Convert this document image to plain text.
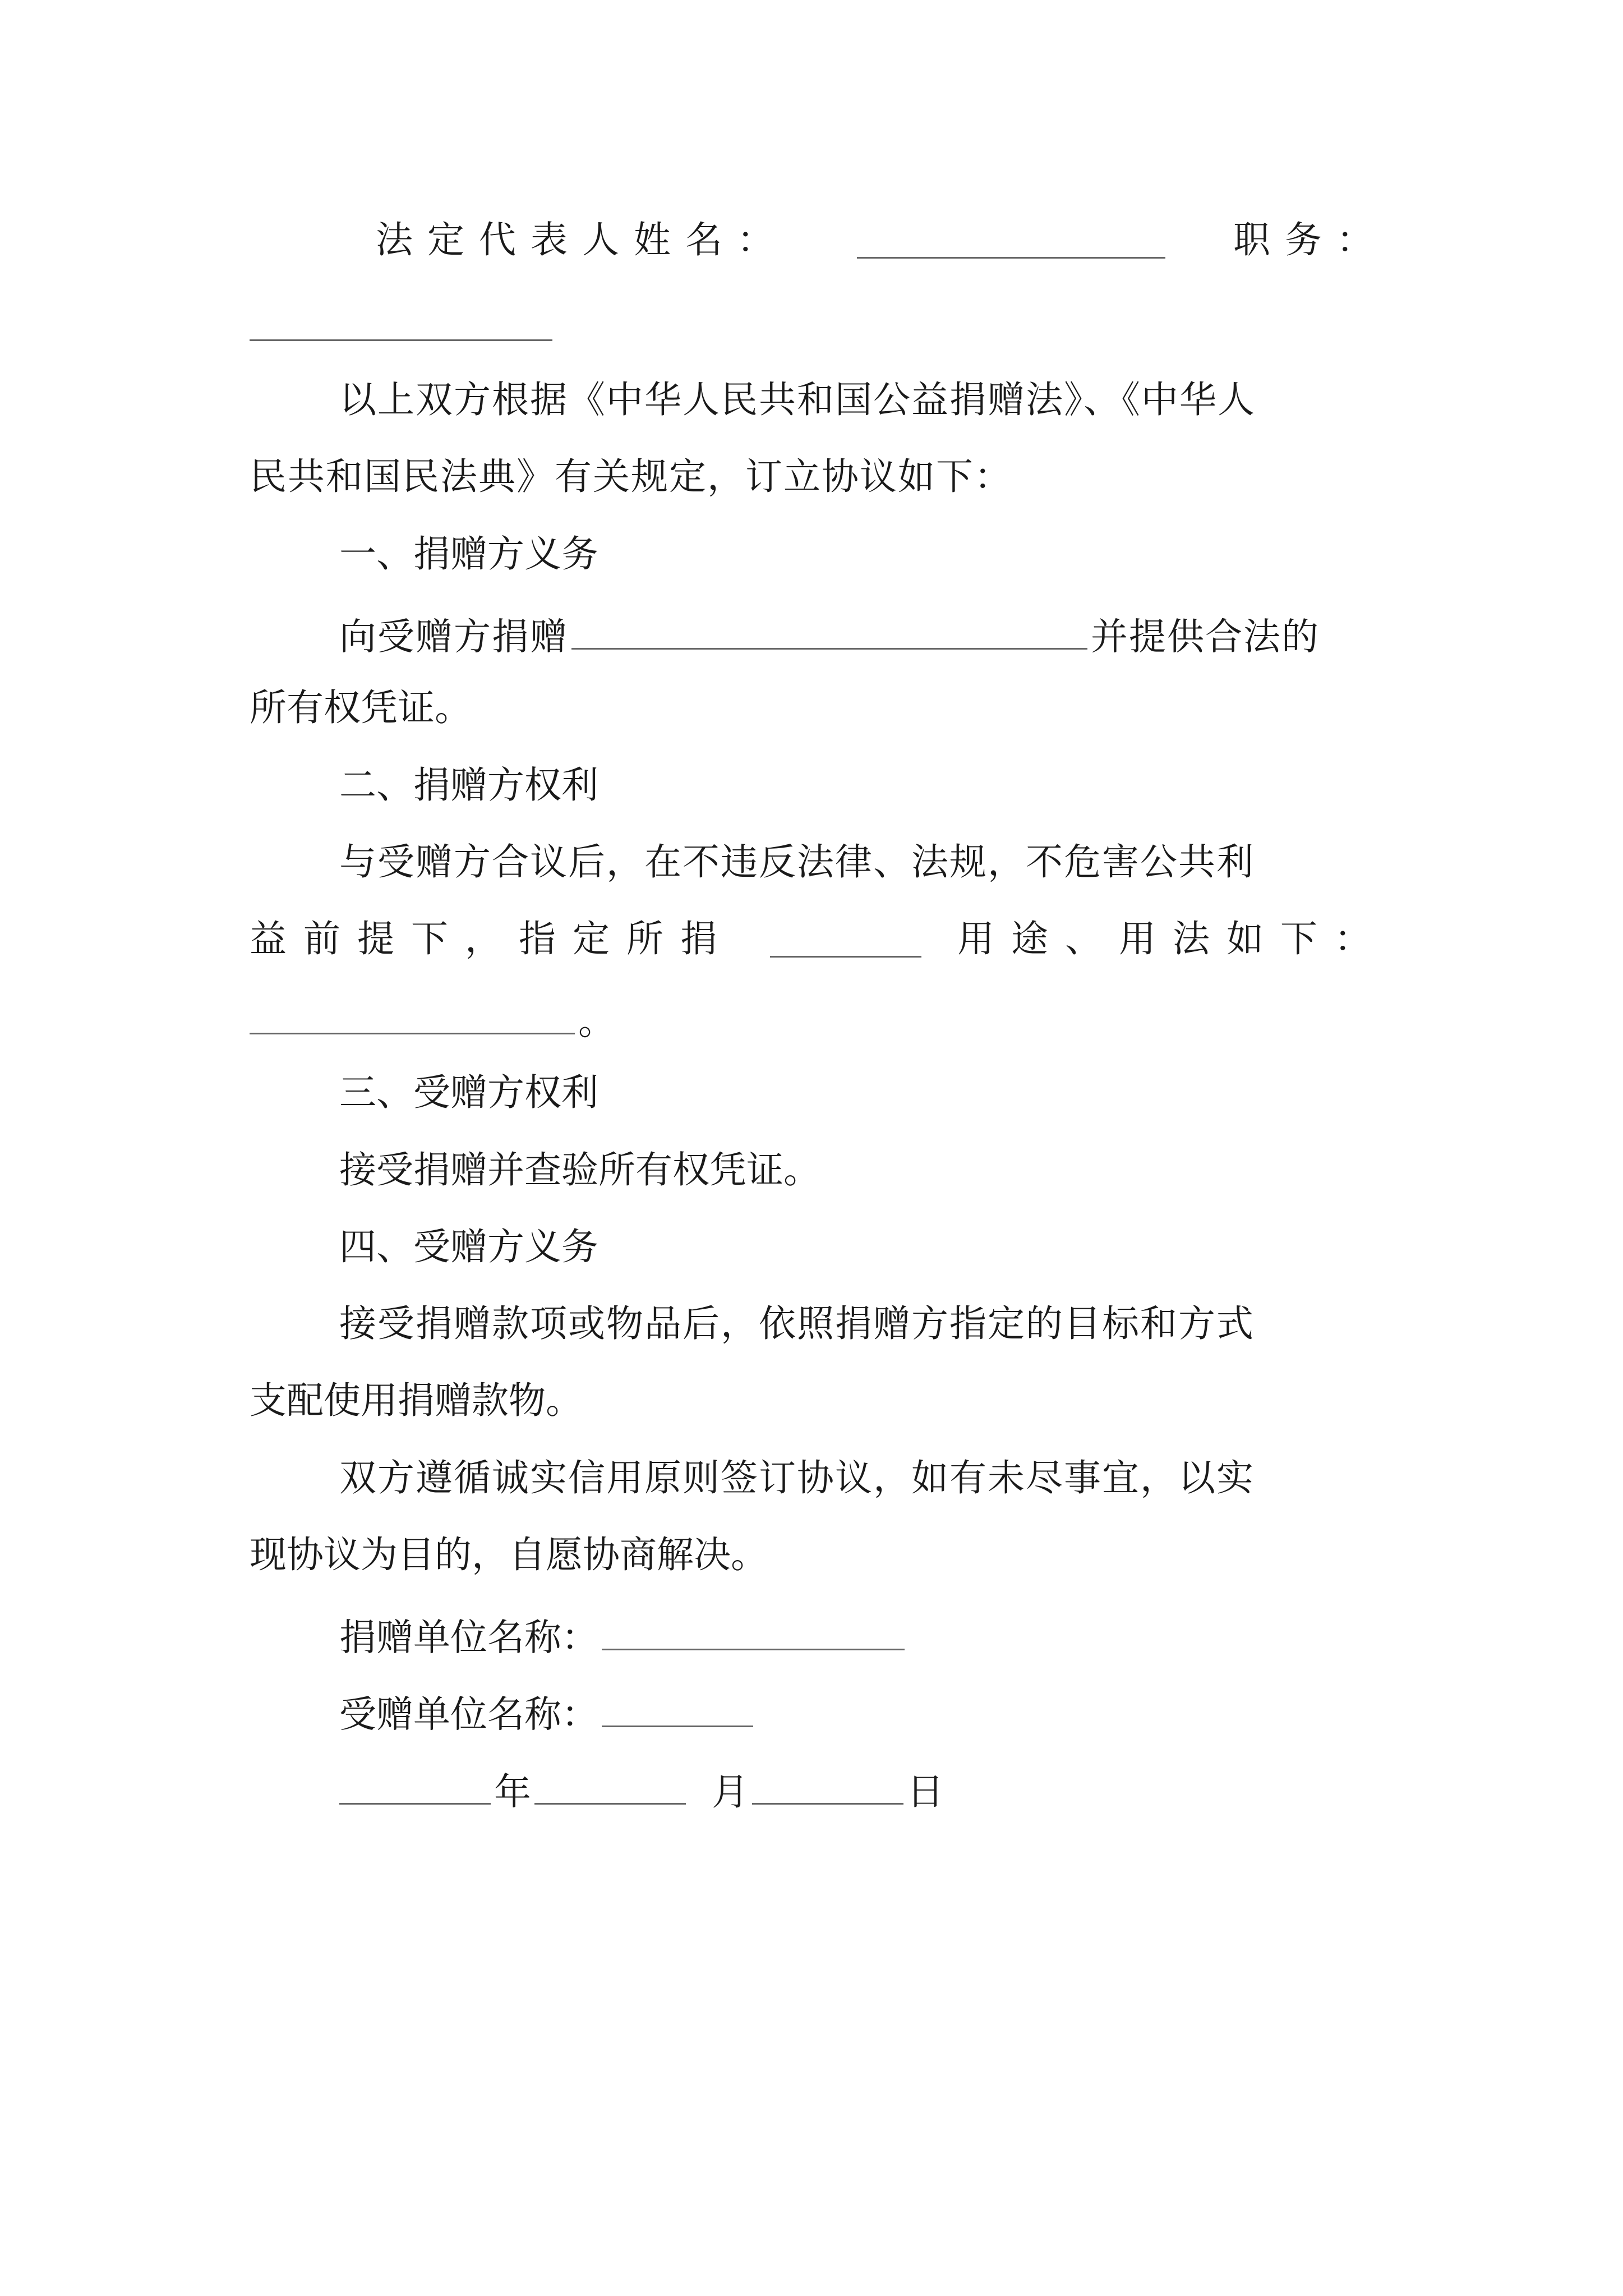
法定代表人姓名：	职务：
以上双方根据《中华人民共和国公益捐赠法》、《中华人
民共和国民法典》有关规定，订立协议如下：
一、捐赠方义务
向受赠方捐赠	并提供合法的
所有权凭证。
二、捐赠方权利
与受赠方合议后，在不违反法律、法规，不危害公共利
益前提下，指定所捐	用途、用法如下：
。
三、受赠方权利
接受捐赠并查验所有权凭证。
四、受赠方义务
接受捐赠款项或物品后，依照捐赠方指定的目标和方式
支配使用捐赠款物。
双方遵循诚实信用原则签订协议，如有未尽事宜，以实
现协议为目的，自愿协商解决。
捐赠单位名称：
受赠单位名称：
年	月	日
